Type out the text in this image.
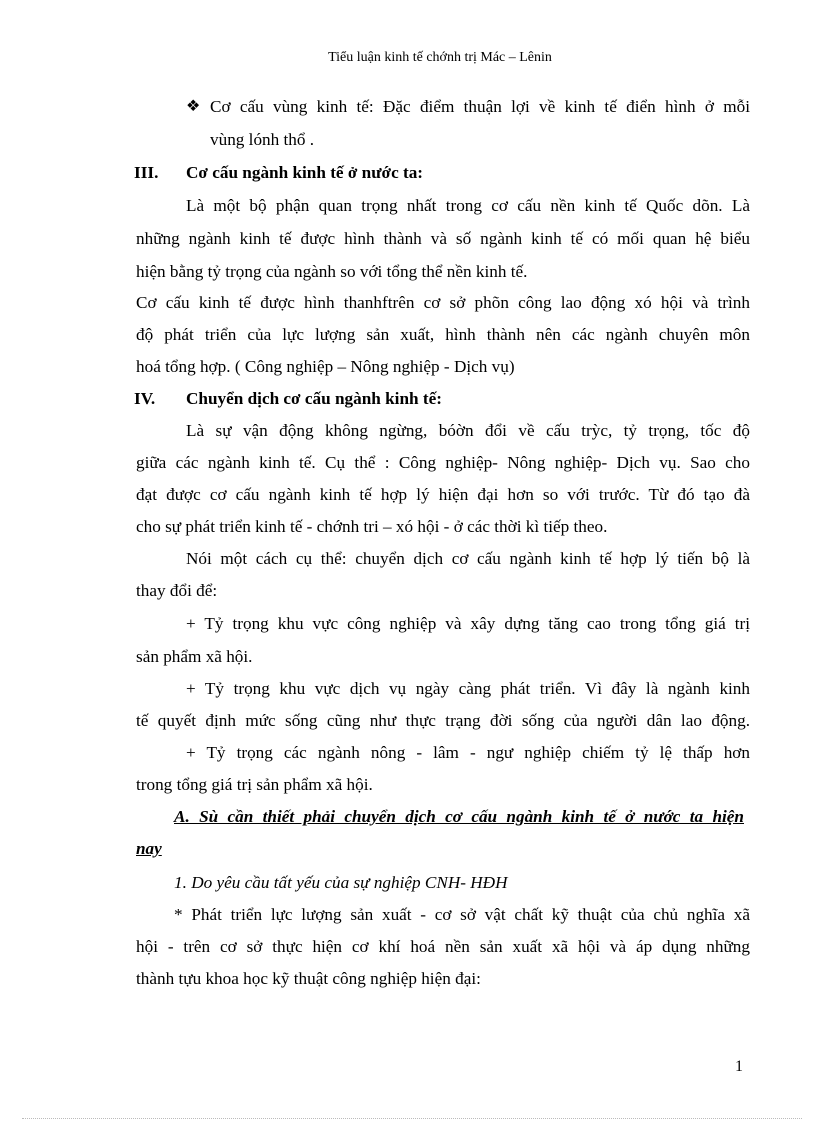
Tiểu luận kinh tế chớnh trị Mác – Lênin
❖ Cơ cấu vùng kinh tế: Đặc điểm thuận lợi về kinh tế điển hình ở mỗi
vùng lónh thổ .
III. Cơ cấu ngành kinh tế ở nước ta:
Là một bộ phận quan trọng nhất trong cơ cấu nền kinh tế Quốc dõn. Là
những ngành kinh tế được hình thành và số ngành kinh tế có mối quan hệ biểu
hiện bằng tỷ trọng của ngành so với tổng thể nền kinh tế.
Cơ cấu kinh tế được hình thanhftrên cơ sở phõn công lao động xó hội và trình
độ phát triển của lực lượng sản xuất, hình thành nên các ngành chuyên môn
hoá tổng hợp. ( Công nghiệp – Nông nghiệp - Dịch vụ)
IV. Chuyển dịch cơ cấu ngành kinh tế:
Là sự vận động không ngừng, bóờn đổi về cấu trỳc, tỷ trọng, tốc độ
giữa các ngành kinh tế. Cụ thể : Công nghiệp- Nông nghiệp- Dịch vụ. Sao cho
đạt được cơ cấu ngành kinh tế hợp lý hiện đại hơn so với trước. Từ đó tạo đà
cho sự phát triển kinh tế - chớnh tri – xó hội - ở các thời kì tiếp theo.
Nói một cách cụ thể: chuyển dịch cơ cấu ngành kinh tế hợp lý tiến bộ là
thay đổi để:
+ Tỷ trọng khu vực công nghiệp và xây dựng tăng cao trong tổng giá trị
sản phẩm xã hội.
+ Tỷ trọng khu vực dịch vụ ngày càng phát triển. Vì đây là ngành kinh
tế quyết định mức sống cũng như thực trạng đời sống của người dân lao động.
+ Tỷ trọng các ngành nông - lâm - ngư nghiệp chiếm tỷ lệ thấp hơn
trong tổng giá trị sản phẩm xã hội.
A. Sù cần thiết phải chuyển dịch cơ cấu ngành kinh tế ở nước ta hiện
nay
1. Do yêu cầu tất yếu của sự nghiệp CNH- HĐH
* Phát triển lực lượng sản xuất - cơ sở vật chất kỹ thuật của chủ nghĩa xã
hội - trên cơ sở thực hiện cơ khí hoá nền sản xuất xã hội và áp dụng những
thành tựu khoa học kỹ thuật công nghiệp hiện đại:
1
